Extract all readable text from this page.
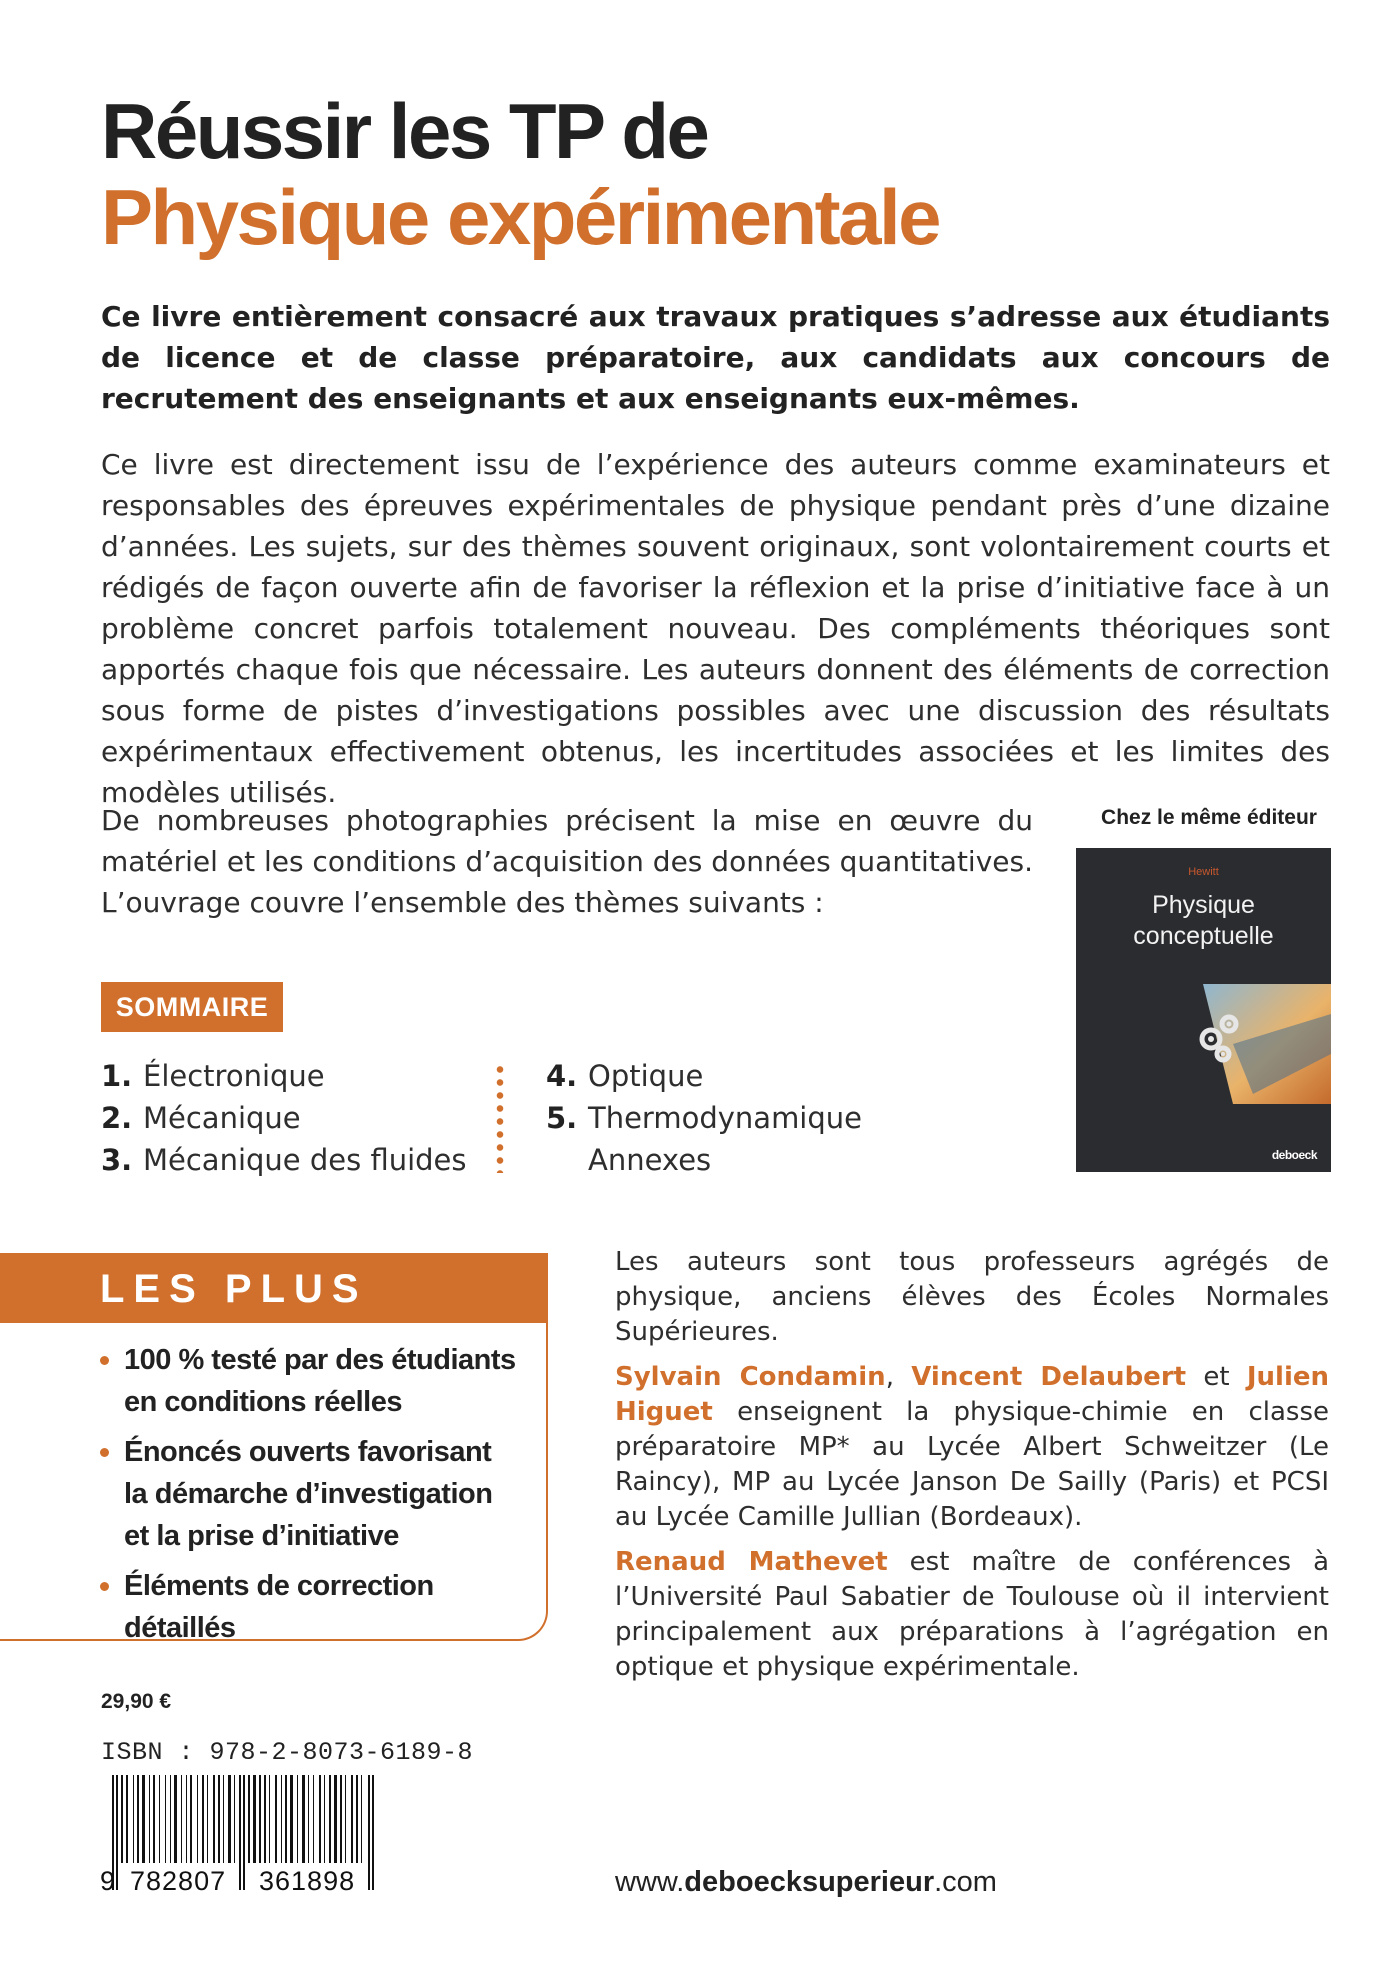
Réussir les TP de
Physique expérimentale

Ce livre entièrement consacré aux travaux pratiques s’adresse aux étudiants de licence et de classe préparatoire, aux candidats aux concours de recrutement des enseignants et aux enseignants eux-mêmes.

Ce livre est directement issu de l’expérience des auteurs comme examinateurs et responsables des épreuves expérimentales de physique pendant près d’une dizaine d’années. Les sujets, sur des thèmes souvent originaux, sont volontairement courts et rédigés de façon ouverte afin de favoriser la réflexion et la prise d’initiative face à un problème concret parfois totalement nouveau. Des compléments théoriques sont apportés chaque fois que nécessaire. Les auteurs donnent des éléments de correction sous forme de pistes d’investigations possibles avec une discussion des résultats expérimentaux effectivement obtenus, les incertitudes associées et les limites des modèles utilisés.

De nombreuses photographies précisent la mise en œuvre du matériel et les conditions d’acquisition des données quantitatives. L’ouvrage couvre l’ensemble des thèmes suivants :

Chez le même éditeur
Hewitt
Physique
conceptuelle
deboeck
SOMMAIRE
1. Électronique
2. Mécanique
3. Mécanique des fluides
4. Optique
5. Thermodynamique
Annexes
LES PLUS
100 % testé par des étudiants
en conditions réelles
Énoncés ouverts favorisant
la démarche d’investigation
et la prise d’initiative
Éléments de correction détaillés

Les auteurs sont tous professeurs agrégés de physique, anciens élèves des Écoles Normales Supérieures.

Sylvain Condamin, Vincent Delaubert et Julien Higuet enseignent la physique-chimie en classe préparatoire MP* au Lycée Albert Schweitzer (Le Raincy), MP au Lycée Janson De Sailly (Paris) et PCSI au Lycée Camille Jullian (Bordeaux).

Renaud Mathevet est maître de conférences à l’Université Paul Sabatier de Toulouse où il intervient principalement aux préparations à l’agrégation en optique et physique expérimentale.

29,90 €
ISBN : 978-2-8073-6189-8
9 782807 361898	www.deboecksuperieur.com
